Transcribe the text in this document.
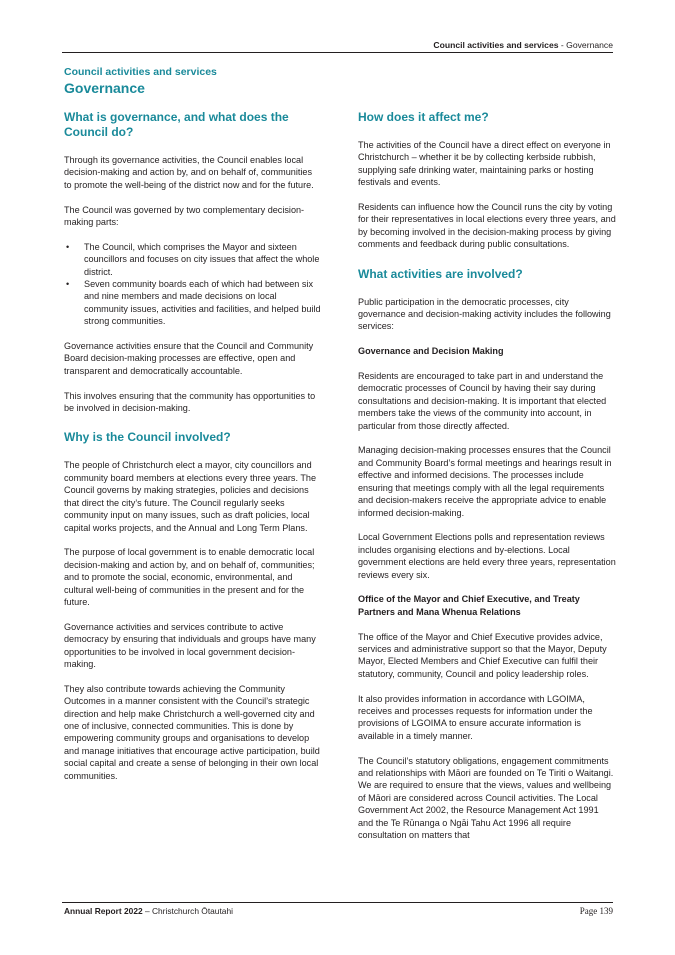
Council activities and services - Governance
Council activities and services
Governance
What is governance, and what does the Council do?

Through its governance activities, the Council enables local decision-making and action by, and on behalf of, communities to promote the well-being of the district now and for the future.

The Council was governed by two complementary decision-making parts:

• The Council, which comprises the Mayor and sixteen councillors and focuses on city issues that affect the whole district.
• Seven community boards each of which had between six and nine members and made decisions on local community issues, activities and facilities, and helped build strong communities.

Governance activities ensure that the Council and Community Board decision-making processes are effective, open and transparent and democratically accountable.

This involves ensuring that the community has opportunities to be involved in decision-making.

Why is the Council involved?

The people of Christchurch elect a mayor, city councillors and community board members at elections every three years. The Council governs by making strategies, policies and decisions that direct the city’s future. The Council regularly seeks community input on many issues, such as draft policies, local capital works projects, and the Annual and Long Term Plans.

The purpose of local government is to enable democratic local decision-making and action by, and on behalf of, communities; and to promote the social, economic, environmental, and cultural well-being of communities in the present and for the future.

Governance activities and services contribute to active democracy by ensuring that individuals and groups have many opportunities to be involved in local government decision-making.

They also contribute towards achieving the Community Outcomes in a manner consistent with the Council’s strategic direction and help make Christchurch a well-governed city and one of inclusive, connected communities. This is done by empowering community groups and organisations to develop and manage initiatives that encourage active participation, build social capital and create a sense of belonging in their own local communities.

How does it affect me?

The activities of the Council have a direct effect on everyone in Christchurch – whether it be by collecting kerbside rubbish, supplying safe drinking water, maintaining parks or hosting festivals and events.

Residents can influence how the Council runs the city by voting for their representatives in local elections every three years, and by becoming involved in the decision-making process by giving comments and feedback during public consultations.

What activities are involved?

Public participation in the democratic processes, city governance and decision-making activity includes the following services:

Governance and Decision Making

Residents are encouraged to take part in and understand the democratic processes of Council by having their say during consultations and decision-making. It is important that elected members take the views of the community into account, in particular from those directly affected.

Managing decision-making processes ensures that the Council and Community Board’s formal meetings and hearings result in effective and informed decisions. The processes include ensuring that meetings comply with all the legal requirements and decision-makers receive the appropriate advice to enable informed decision-making.

Local Government Elections polls and representation reviews includes organising elections and by-elections. Local government elections are held every three years, representation reviews every six.

Office of the Mayor and Chief Executive, and Treaty Partners and Mana Whenua Relations

The office of the Mayor and Chief Executive provides advice, services and administrative support so that the Mayor, Deputy Mayor, Elected Members and Chief Executive can fulfil their statutory, community, Council and policy leadership roles.

It also provides information in accordance with LGOIMA, receives and processes requests for information under the provisions of LGOIMA to ensure accurate information is available in a timely manner.

The Council’s statutory obligations, engagement commitments and relationships with Māori are founded on Te Tiriti o Waitangi. We are required to ensure that the views, values and wellbeing of Māori are considered across Council activities. The Local Government Act 2002, the Resource Management Act 1991 and the Te Rūnanga o Ngāi Tahu Act 1996 all require consultation on matters that

Annual Report 2022 – Christchurch Ōtautahi	Page 139
